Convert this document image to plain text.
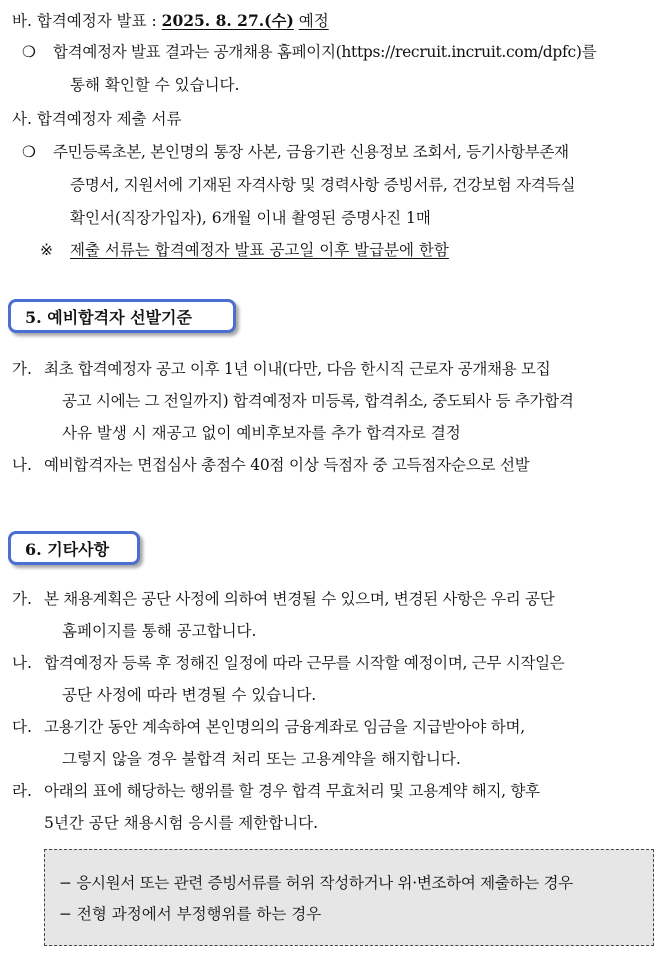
바. 합격예정자 발표 : 2025. 8. 27.(수) 예정
❍ 합격예정자 발표 결과는 공개채용 홈페이지(https://recruit.incruit.com/dpfc)를
통해 확인할 수 있습니다.
사. 합격예정자 제출 서류
❍ 주민등록초본, 본인명의 통장 사본, 금융기관 신용정보 조회서, 등기사항부존재
증명서, 지원서에 기재된 자격사항 및 경력사항 증빙서류, 건강보험 자격득실
확인서(직장가입자), 6개월 이내 촬영된 증명사진 1매
※ 제출 서류는 합격예정자 발표 공고일 이후 발급분에 한함
5. 예비합격자 선발기준
가. 최초 합격예정자 공고 이후 1년 이내(다만, 다음 한시직 근로자 공개채용 모집
공고 시에는 그 전일까지) 합격예정자 미등록, 합격취소, 중도퇴사 등 추가합격
사유 발생 시 재공고 없이 예비후보자를 추가 합격자로 결정
나. 예비합격자는 면접심사 총점수 40점 이상 득점자 중 고득점자순으로 선발
6. 기타사항
가. 본 채용계획은 공단 사정에 의하여 변경될 수 있으며, 변경된 사항은 우리 공단
홈페이지를 통해 공고합니다.
나. 합격예정자 등록 후 정해진 일정에 따라 근무를 시작할 예정이며, 근무 시작일은
공단 사정에 따라 변경될 수 있습니다.
다. 고용기간 동안 계속하여 본인명의의 금융계좌로 임금을 지급받아야 하며,
그렇지 않을 경우 불합격 처리 또는 고용계약을 해지합니다.
라. 아래의 표에 해당하는 행위를 할 경우 합격 무효처리 및 고용계약 해지, 향후
5년간 공단 채용시험 응시를 제한합니다.
− 응시원서 또는 관련 증빙서류를 허위 작성하거나 위·변조하여 제출하는 경우
− 전형 과정에서 부정행위를 하는 경우
